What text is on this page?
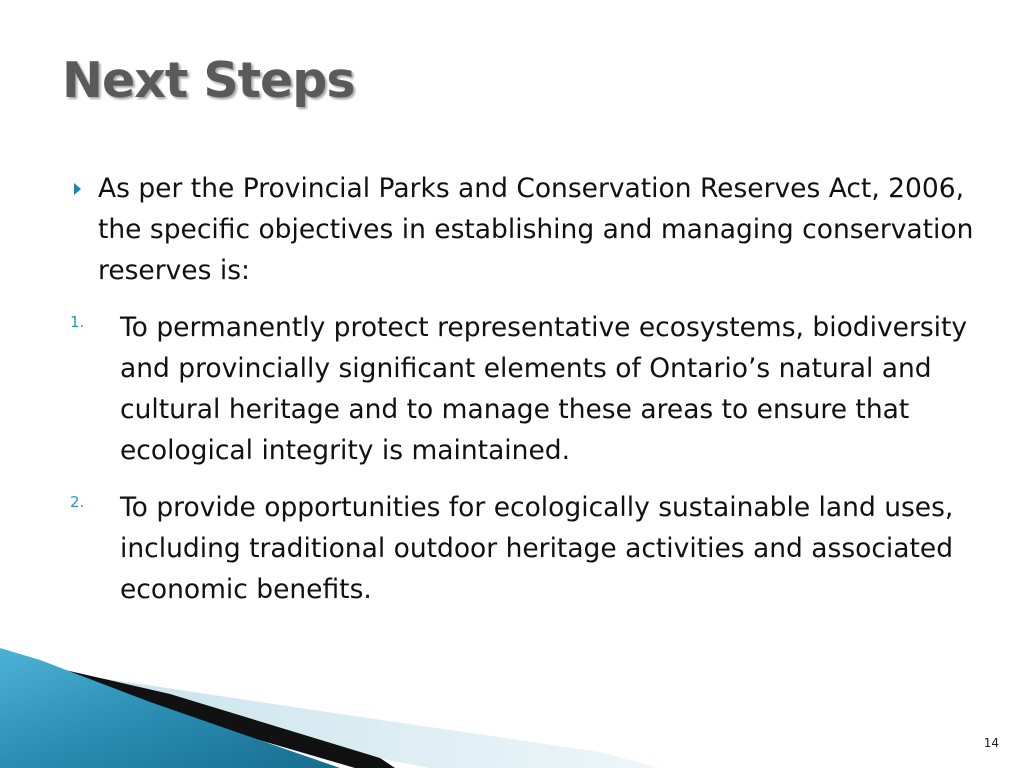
Next Steps
As per the Provincial Parks and Conservation Reserves Act, 2006, the specific objectives in establishing and managing conservation reserves is:
1. To permanently protect representative ecosystems, biodiversity and provincially significant elements of Ontario’s natural and cultural heritage and to manage these areas to ensure that ecological integrity is maintained.
2. To provide opportunities for ecologically sustainable land uses, including traditional outdoor heritage activities and associated economic benefits.
14
